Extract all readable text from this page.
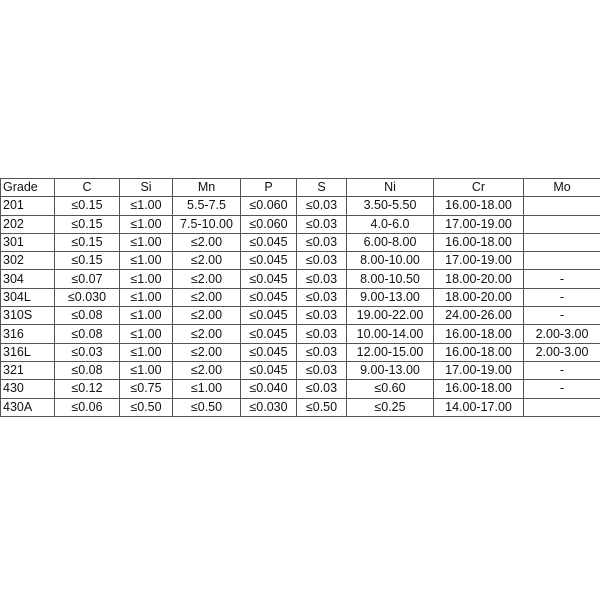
Grade	C	Si	Mn	P	S	Ni	Cr	Mo
201	≤0.15	≤1.00	5.5-7.5	≤0.060	≤0.03	3.50-5.50	16.00-18.00	
202	≤0.15	≤1.00	7.5-10.00	≤0.060	≤0.03	4.0-6.0	17.00-19.00	
301	≤0.15	≤1.00	≤2.00	≤0.045	≤0.03	6.00-8.00	16.00-18.00	
302	≤0.15	≤1.00	≤2.00	≤0.045	≤0.03	8.00-10.00	17.00-19.00	
304	≤0.07	≤1.00	≤2.00	≤0.045	≤0.03	8.00-10.50	18.00-20.00	-
304L	≤0.030	≤1.00	≤2.00	≤0.045	≤0.03	9.00-13.00	18.00-20.00	-
310S	≤0.08	≤1.00	≤2.00	≤0.045	≤0.03	19.00-22.00	24.00-26.00	-
316	≤0.08	≤1.00	≤2.00	≤0.045	≤0.03	10.00-14.00	16.00-18.00	2.00-3.00
316L	≤0.03	≤1.00	≤2.00	≤0.045	≤0.03	12.00-15.00	16.00-18.00	2.00-3.00
321	≤0.08	≤1.00	≤2.00	≤0.045	≤0.03	9.00-13.00	17.00-19.00	-
430	≤0.12	≤0.75	≤1.00	≤0.040	≤0.03	≤0.60	16.00-18.00	-
430A	≤0.06	≤0.50	≤0.50	≤0.030	≤0.50	≤0.25	14.00-17.00	
